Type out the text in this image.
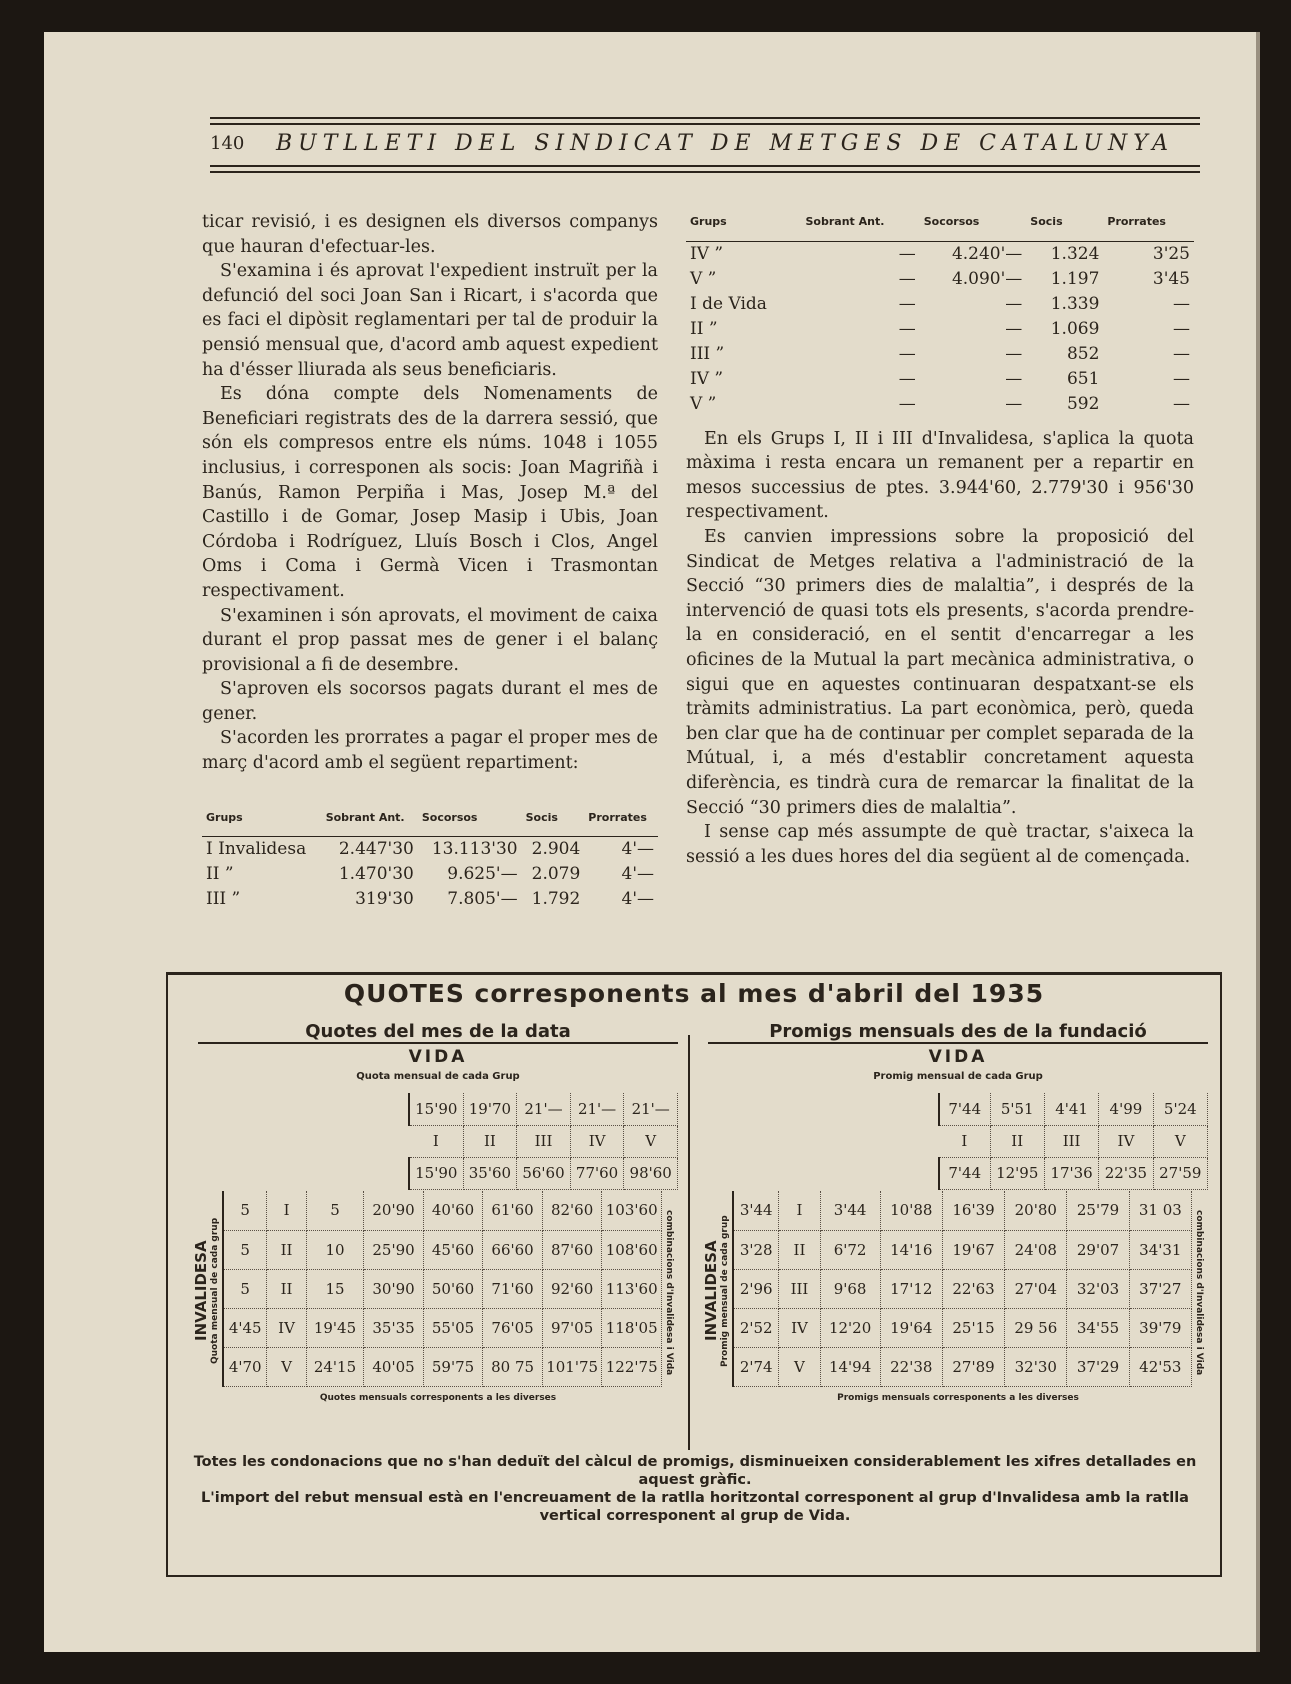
140 BUTLLETI DEL SINDICAT DE METGES DE CATALUNYA

ticar revisió, i es designen els diversos companys que hauran d'efectuar-les.

S'examina i és aprovat l'expedient instruït per la defunció del soci Joan San i Ricart, i s'acorda que es faci el dipòsit reglamentari per tal de produir la pensió mensual que, d'acord amb aquest expedient ha d'ésser lliurada als seus beneficiaris.

Es dóna compte dels Nomenaments de Beneficiari registrats des de la darrera sessió, que són els compresos entre els núms. 1048 i 1055 inclusius, i corresponen als socis: Joan Magriñà i Banús, Ramon Perpiña i Mas, Josep M.ª del Castillo i de Gomar, Josep Masip i Ubis, Joan Córdoba i Rodríguez, Lluís Bosch i Clos, Angel Oms i Coma i Germà Vicen i Trasmontan respectivament.

S'examinen i són aprovats, el moviment de caixa durant el prop passat mes de gener i el balanç provisional a fi de desembre.

S'aproven els socorsos pagats durant el mes de gener.

S'acorden les prorrates a pagar el proper mes de març d'acord amb el següent repartiment:

Grups	Sobrant Ant.	Socorsos	Socis	Prorrates
I Invalidesa	2.447'30	13.113'30	2.904	4'—
II ”	1.470'30	9.625'—	2.079	4'—
III ”	319'30	7.805'—	1.792	4'—
Grups	Sobrant Ant.	Socorsos	Socis	Prorrates
IV ”	—	4.240'—	1.324	3'25
V ”	—	4.090'—	1.197	3'45
I de Vida	—	—	1.339	—
II ”	—	—	1.069	—
III ”	—	—	852	—
IV ”	—	—	651	—
V ”	—	—	592	—

En els Grups I, II i III d'Invalidesa, s'aplica la quota màxima i resta encara un remanent per a repartir en mesos successius de ptes. 3.944'60, 2.779'30 i 956'30 respectivament.

Es canvien impressions sobre la proposició del Sindicat de Metges relativa a l'administració de la Secció “30 primers dies de malaltia”, i després de la intervenció de quasi tots els presents, s'acorda prendre-la en consideració, en el sentit d'encarregar a les oficines de la Mutual la part mecànica administrativa, o sigui que en aquestes continuaran despatxant-se els tràmits administratius. La part econòmica, però, queda ben clar que ha de continuar per complet separada de la Mútual, i, a més d'establir concretament aquesta diferència, es tindrà cura de remarcar la finalitat de la Secció “30 primers dies de malaltia”.

I sense cap més assumpte de què tractar, s'aixeca la sessió a les dues hores del dia següent al de començada.

QUOTES corresponents al mes d'abril del 1935
Quotes del mes de la data
VIDA
Quota mensual de cada Grup
15'90	19'70	21'—	21'—	21'—
I	II	III	IV	V
15'90	35'60	56'60	77'60	98'60
5	I	5	20'90	40'60	61'60	82'60	103'60
5	II	10	25'90	45'60	66'60	87'60	108'60
5	II	15	30'90	50'60	71'60	92'60	113'60
4'45	IV	19'45	35'35	55'05	76'05	97'05	118'05
4'70	V	24'15	40'05	59'75	80 75	101'75	122'75
INVALIDESA Quota mensual de cada grup	combinacions d'Invalidesa i Vida
Quotes mensuals corresponents a les diverses
Promigs mensuals des de la fundació
VIDA
Promig mensual de cada Grup
7'44	5'51	4'41	4'99	5'24
I	II	III	IV	V
7'44	12'95	17'36	22'35	27'59
3'44	I	3'44	10'88	16'39	20'80	25'79	31 03
3'28	II	6'72	14'16	19'67	24'08	29'07	34'31
2'96	III	9'68	17'12	22'63	27'04	32'03	37'27
2'52	IV	12'20	19'64	25'15	29 56	34'55	39'79
2'74	V	14'94	22'38	27'89	32'30	37'29	42'53
INVALIDESA Promig mensual de cada grup	combinacions d'Invalidesa i Vida
Promigs mensuals corresponents a les diverses

Totes les condonacions que no s'han deduït del càlcul de promigs, disminueixen considerablement les xifres detallades en aquest gràfic.

L'import del rebut mensual està en l'encreuament de la ratlla horitzontal corresponent al grup d'Invalidesa amb la ratlla vertical corresponent al grup de Vida.
